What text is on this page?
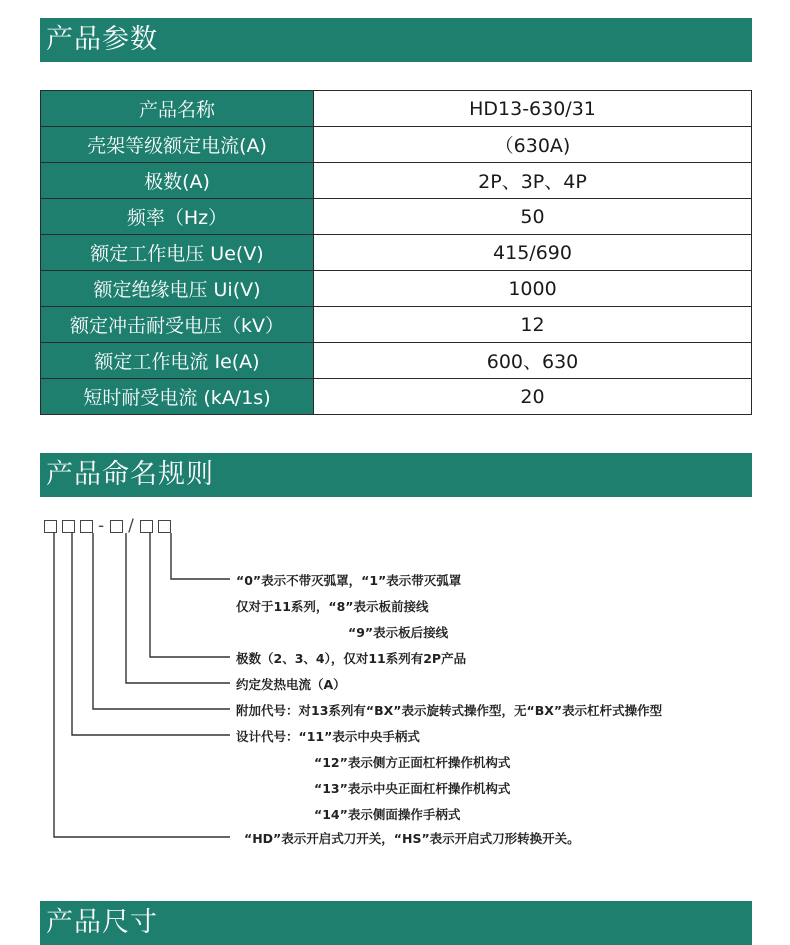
产品参数
产品名称	HD13-630/31
壳架等级额定电流(A)	（630A)
极数(A)	2P、3P、4P
频率（Hz）	50
额定工作电压 Ue(V)	415/690
额定绝缘电压 Ui(V)	1000
额定冲击耐受电压（kV）	12
额定工作电流 Ie(A)	600、630
短时耐受电流 (kA/1s)	20
产品命名规则
- /
“0”表示不带灭弧罩，“1”表示带灭弧罩
仅对于11系列，“8”表示板前接线
“9”表示板后接线
极数（2、3、4），仅对11系列有2P产品
约定发热电流（A）
附加代号：对13系列有“BX”表示旋转式操作型，无“BX”表示杠杆式操作型
设计代号：“11”表示中央手柄式
“12”表示侧方正面杠杆操作机构式
“13”表示中央正面杠杆操作机构式
“14”表示侧面操作手柄式
“HD”表示开启式刀开关，“HS”表示开启式刀形转换开关。
产品尺寸
